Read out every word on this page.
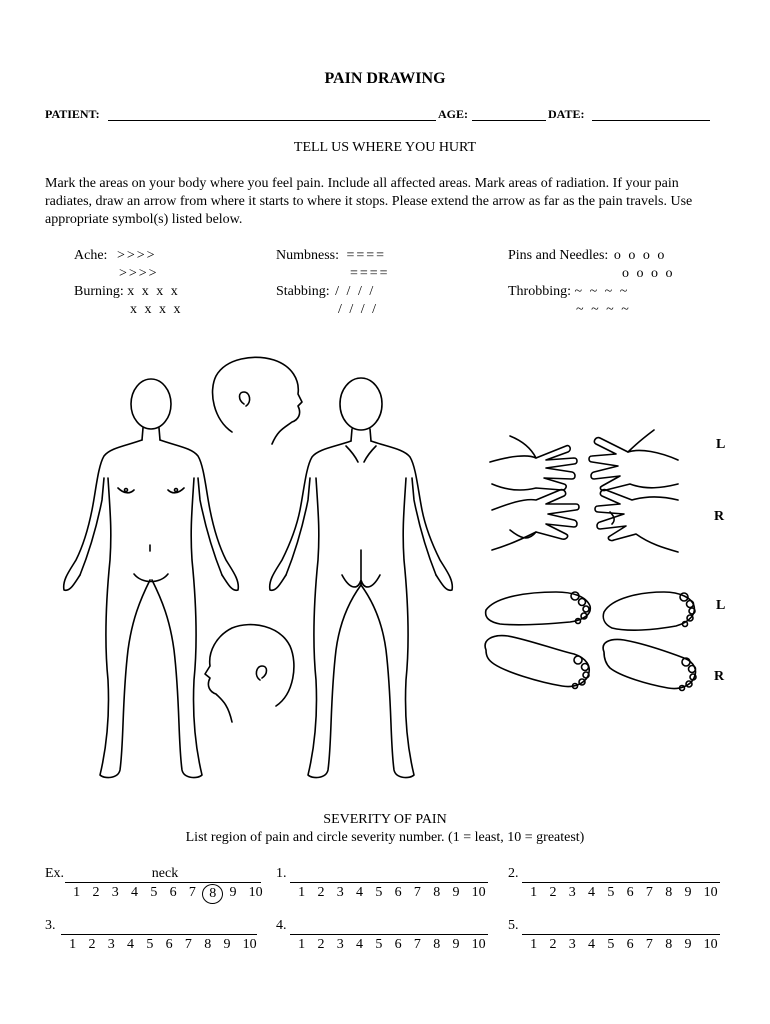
PAIN DRAWING
PATIENT:	AGE:	DATE:
TELL US WHERE YOU HURT
Mark the areas on your body where you feel pain. Include all affected areas. Mark areas of radiation. If your pain radiates, draw an arrow from where it starts to where it stops. Please extend the arrow as far as the pain travels. Use appropriate symbol(s) listed below.
Ache: >>>>
>>>>
Numbness: ====
====
Pins and Needles: o o o o
o o o o
Burning: x x x x
x x x x
Stabbing: / / / /
/ / / /
Throbbing: ~ ~ ~ ~
~ ~ ~ ~
L
R
L
R
SEVERITY OF PAIN
List region of pain and circle severity number. (1 = least, 10 = greatest)
Ex.	neck
1 2 3 4 5 6 7 8 9 10
1.
1 2 3 4 5 6 7 8 9 10
2.
1 2 3 4 5 6 7 8 9 10
3.
1 2 3 4 5 6 7 8 9 10
4.
1 2 3 4 5 6 7 8 9 10
5.
1 2 3 4 5 6 7 8 9 10
